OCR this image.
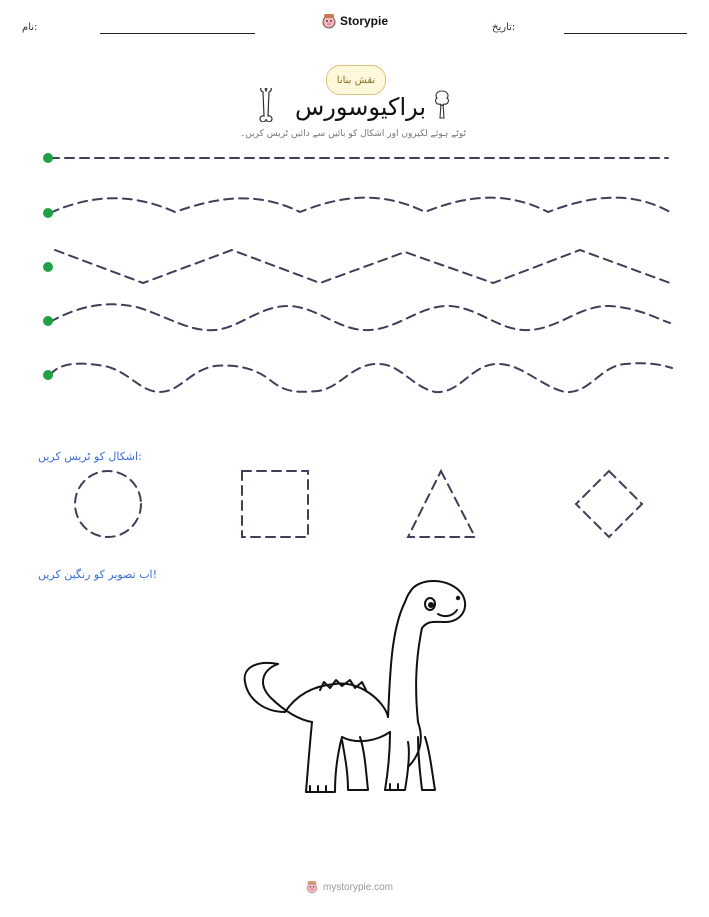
نام:	Storypie	تاریخ:
نقش بنانا
براکیوسورس
ٹوٹے ہوئے لکیروں اور اشکال کو بائیں سے دائیں ٹریس کریں۔
اشکال کو ٹریس کریں:
اب تصویر کو رنگین کریں!
mystorypie.com
